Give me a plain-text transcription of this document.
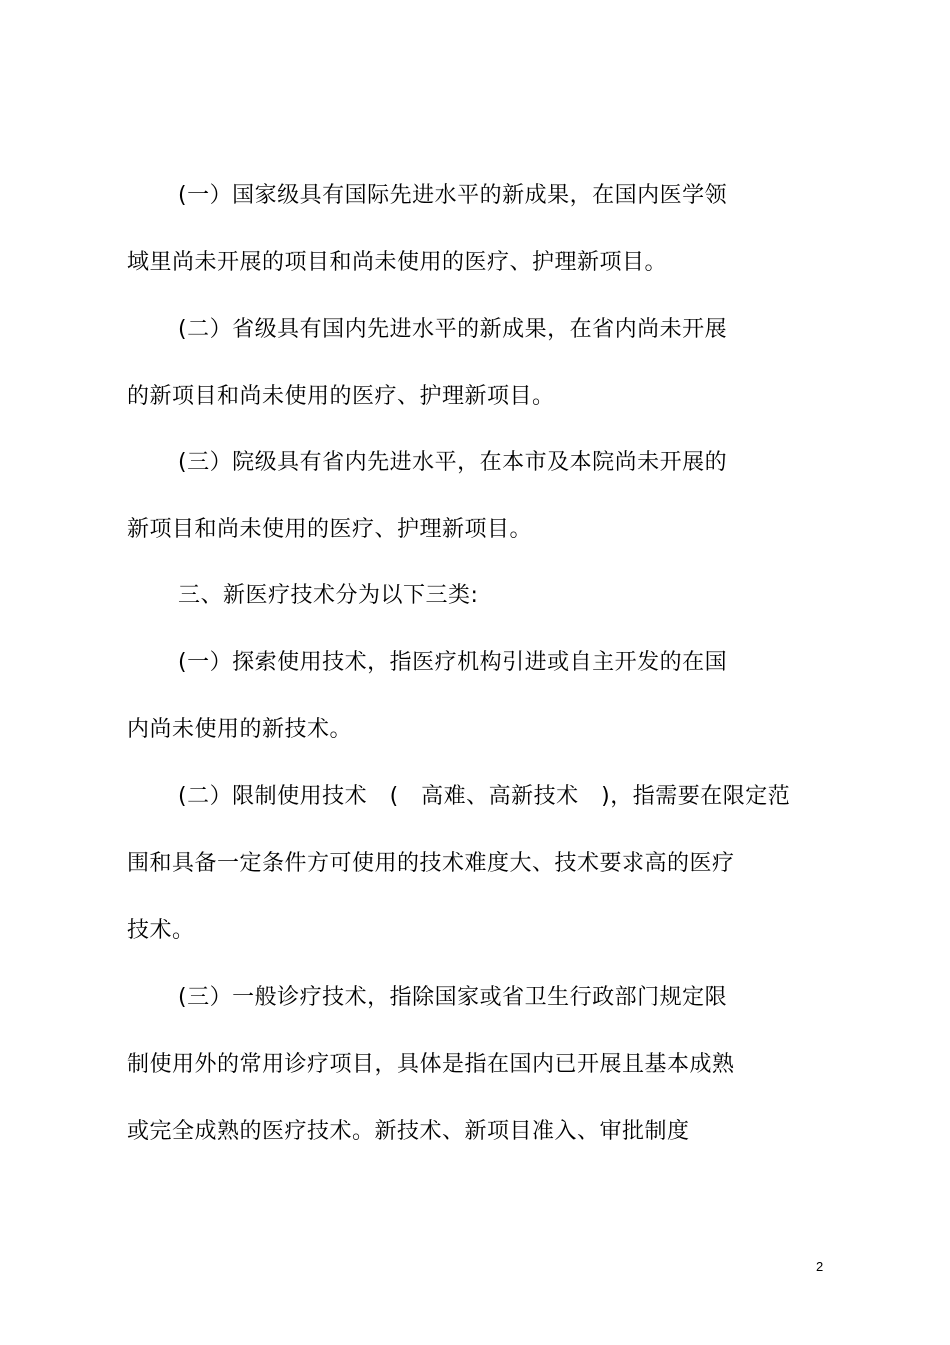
(一）国家级具有国际先进水平的新成果，在国内医学领
域里尚未开展的项目和尚未使用的医疗、护理新项目。
(二）省级具有国内先进水平的新成果，在省内尚未开展
的新项目和尚未使用的医疗、护理新项目。
(三）院级具有省内先进水平，在本市及本院尚未开展的
新项目和尚未使用的医疗、护理新项目。
三、新医疗技术分为以下三类:
(一）探索使用技术，指医疗机构引进或自主开发的在国
内尚未使用的新技术。
(二）限制使用技术　(　高难、高新技术　)，指需要在限定范
围和具备一定条件方可使用的技术难度大、技术要求高的医疗
技术。
(三）一般诊疗技术，指除国家或省卫生行政部门规定限
制使用外的常用诊疗项目，具体是指在国内已开展且基本成熟
或完全成熟的医疗技术。新技术、新项目准入、审批制度
2
